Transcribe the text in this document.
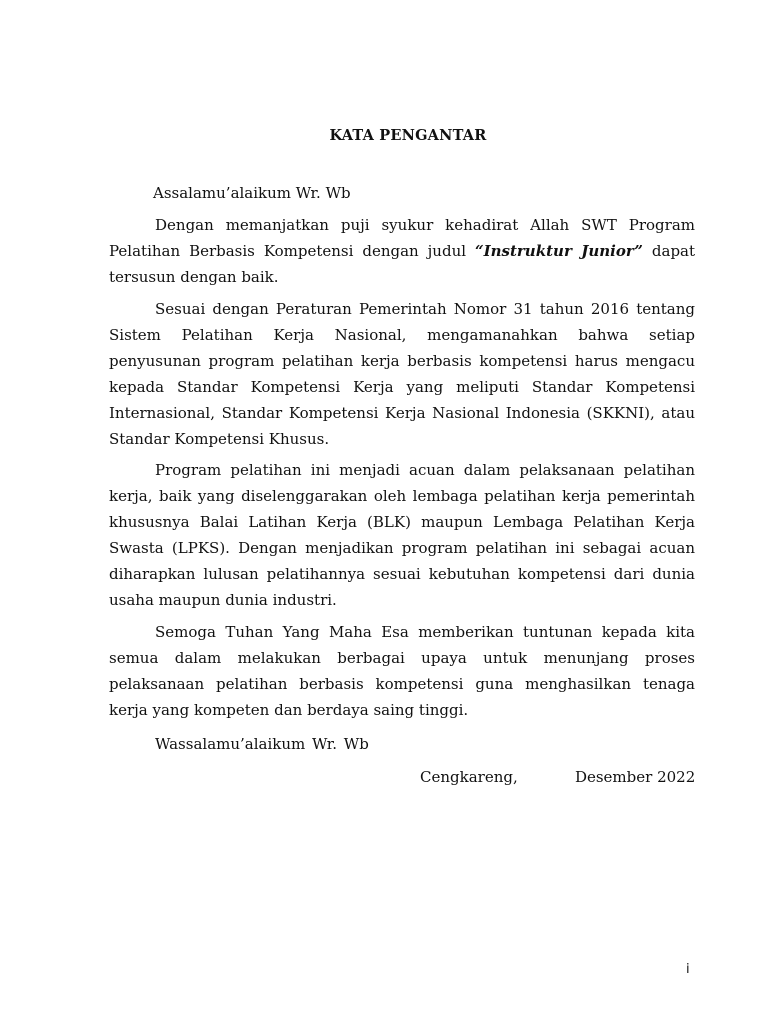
KATA PENGANTAR
Assalamu’alaikum Wr. Wb

Dengan memanjatkan puji syukur kehadirat Allah SWT Program Pelatihan Berbasis Kompetensi dengan judul “Instruktur Junior” dapat tersusun dengan baik.

Sesuai dengan Peraturan Pemerintah Nomor 31 tahun 2016 tentang Sistem Pelatihan Kerja Nasional, mengamanahkan bahwa setiap penyusunan program pelatihan kerja berbasis kompetensi harus mengacu kepada Standar Kompetensi Kerja yang meliputi Standar Kompetensi Internasional, Standar Kompetensi Kerja Nasional Indonesia (SKKNI), atau Standar Kompetensi Khusus.

Program pelatihan ini menjadi acuan dalam pelaksanaan pelatihan kerja, baik yang diselenggarakan oleh lembaga pelatihan kerja pemerintah khususnya Balai Latihan Kerja (BLK) maupun Lembaga Pelatihan Kerja Swasta (LPKS). Dengan menjadikan program pelatihan ini sebagai acuan diharapkan lulusan pelatihannya sesuai kebutuhan kompetensi dari dunia usaha maupun dunia industri.

Semoga Tuhan Yang Maha Esa memberikan tuntunan kepada kita semua dalam melakukan berbagai upaya untuk menunjang proses pelaksanaan pelatihan berbasis kompetensi guna menghasilkan tenaga kerja yang kompeten dan berdaya saing tinggi.

Wassalamu’alaikum Wr. Wb
Cengkareng,	Desember 2022
i
